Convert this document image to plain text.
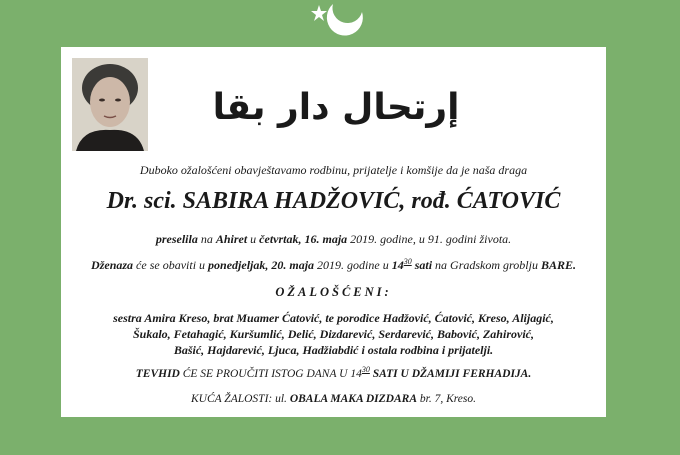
إرتحال دار بقا
Duboko ožalošćeni obavještavamo rodbinu, prijatelje i komšije da je naša draga
Dr. sci. SABIRA HADŽOVIĆ, rođ. ĆATOVIĆ
preselila na Ahiret u četvrtak, 16. maja 2019. godine, u 91. godini života.
Dženaza će se obaviti u ponedjeljak, 20. maja 2019. godine u $14^{30}$ sati na Gradskom groblju BARE.
OŽALOŠĆENI:
sestra Amira Kreso, brat Muamer Ćatović, te porodice Hadžović, Ćatović, Kreso, Alijagić,
Šukalo, Fetahagić, Kuršumlić, Delić, Dizdarević, Serdarević, Babović, Zahirović,
Bašić, Hajdarević, Ljuca, Hadžiabdić i ostala rodbina i prijatelji.
TEVHID ĆE SE PROUČITI ISTOG DANA U $14^{30}$ SATI U DŽAMIJI FERHADIJA.
KUĆA ŽALOSTI: ul. OBALA MAKA DIZDARA br. 7, Kreso.
